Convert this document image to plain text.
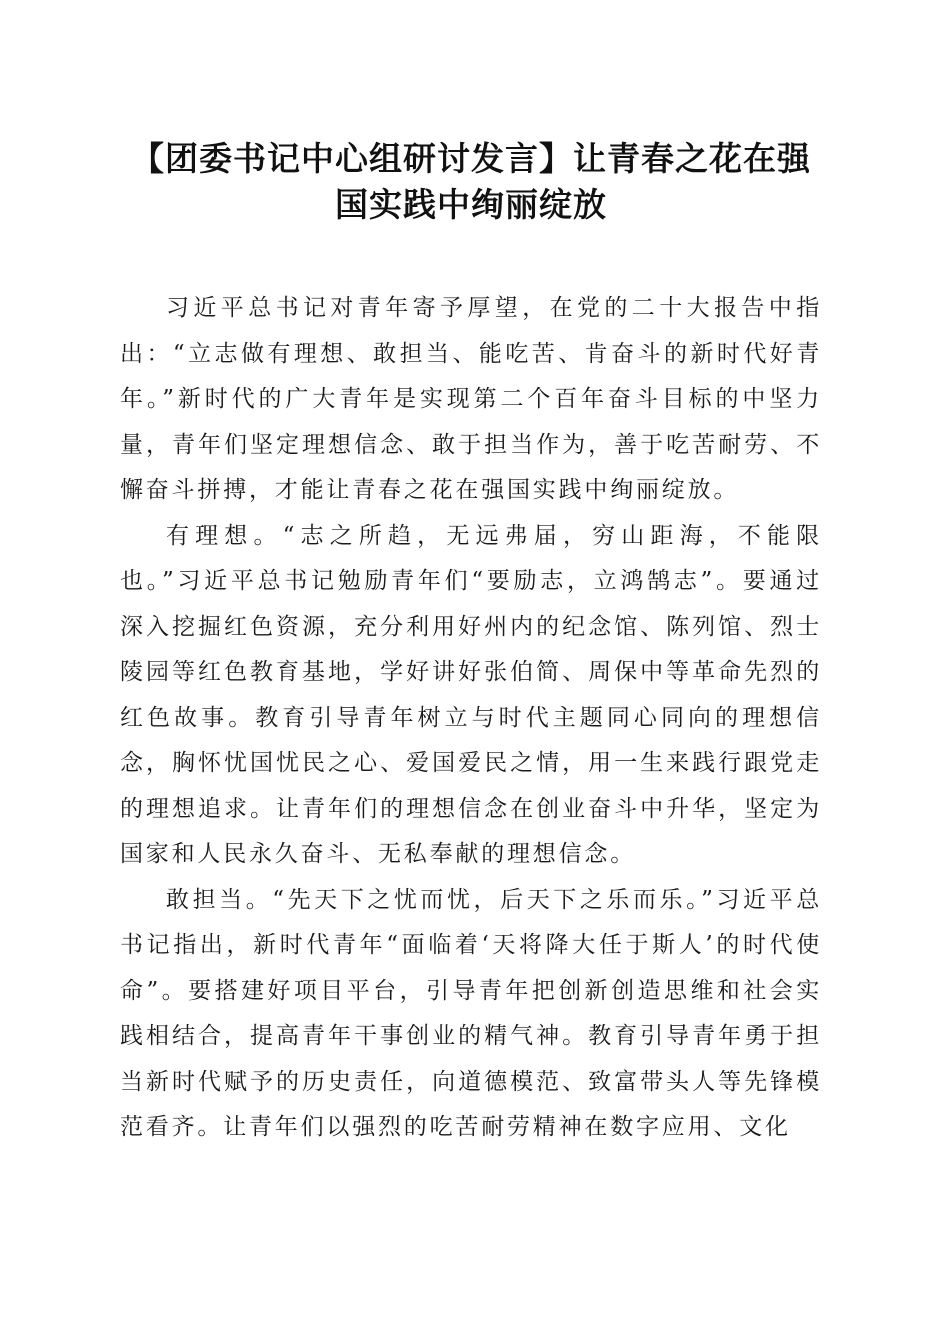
【团委书记中心组研讨发言】让青春之花在强国实践中绚丽绽放

习近平总书记对青年寄予厚望，在党的二十大报告中指出：“立志做有理想、敢担当、能吃苦、肯奋斗的新时代好青年。”新时代的广大青年是实现第二个百年奋斗目标的中坚力量，青年们坚定理想信念、敢于担当作为，善于吃苦耐劳、不懈奋斗拼搏，才能让青春之花在强国实践中绚丽绽放。

有理想。“志之所趋，无远弗届，穷山距海，不能限也。”习近平总书记勉励青年们“要励志，立鸿鹄志”。要通过深入挖掘红色资源，充分利用好州内的纪念馆、陈列馆、烈士陵园等红色教育基地，学好讲好张伯简、周保中等革命先烈的红色故事。教育引导青年树立与时代主题同心同向的理想信念，胸怀忧国忧民之心、爱国爱民之情，用一生来践行跟党走的理想追求。让青年们的理想信念在创业奋斗中升华，坚定为国家和人民永久奋斗、无私奉献的理想信念。

敢担当。“先天下之忧而忧，后天下之乐而乐。”习近平总书记指出，新时代青年“面临着‘天将降大任于斯人’的时代使命”。要搭建好项目平台，引导青年把创新创造思维和社会实践相结合，提高青年干事创业的精气神。教育引导青年勇于担当新时代赋予的历史责任，向道德模范、致富带头人等先锋模范看齐。让青年们以强烈的吃苦耐劳精神在数字应用、文化
